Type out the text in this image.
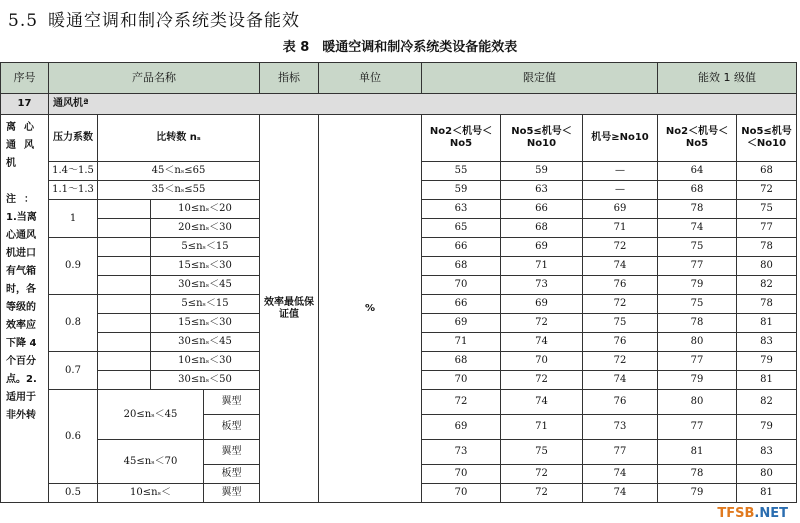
5.5 暖通空调和制冷系统类设备能效
表 8　暖通空调和制冷系统类设备能效表
序号	产品名称				指标	单位	限定值			能效 1 级值		
17	通风机ª											
离心通风机

注：
1.当离心通风机进口有气箱时，各等级的效率应下降 4 个百分点。2.适用于非外转	压力系数	比转数 nₛ			效率最低保证值	%	No2＜机号＜No5	No5≤机号＜No10	机号≥No10	No2＜机号＜No5	No5≤机号＜No10	
	1.4～1.5	45＜nₛ≤65					55	59	—	64	68	
	1.1～1.3	35＜nₛ≤55					59	63	—	68	72	
	1		10≤nₛ＜20				63	66	69	78	75	
			20≤nₛ＜30				65	68	71	74	77	
	0.9		5≤nₛ＜15				66	69	72	75	78	
			15≤nₛ＜30				68	71	74	77	80	
			30≤nₛ＜45				70	73	76	79	82	
	0.8		5≤nₛ＜15				66	69	72	75	78	
			15≤nₛ＜30				69	72	75	78	81	
			30≤nₛ＜45				71	74	76	80	83	
	0.7		10≤nₛ＜30				68	70	72	77	79	
			30≤nₛ＜50				70	72	74	79	81	
	0.6	20≤nₛ＜45		翼型			72	74	76	80	82	
				板型			69	71	73	77	79	
		45≤nₛ＜70		翼型			73	75	77	81	83	
				板型			70	72	74	78	80	
	0.5	10≤nₛ＜		翼型			70	72	74	79	81	
TFSB.NET
